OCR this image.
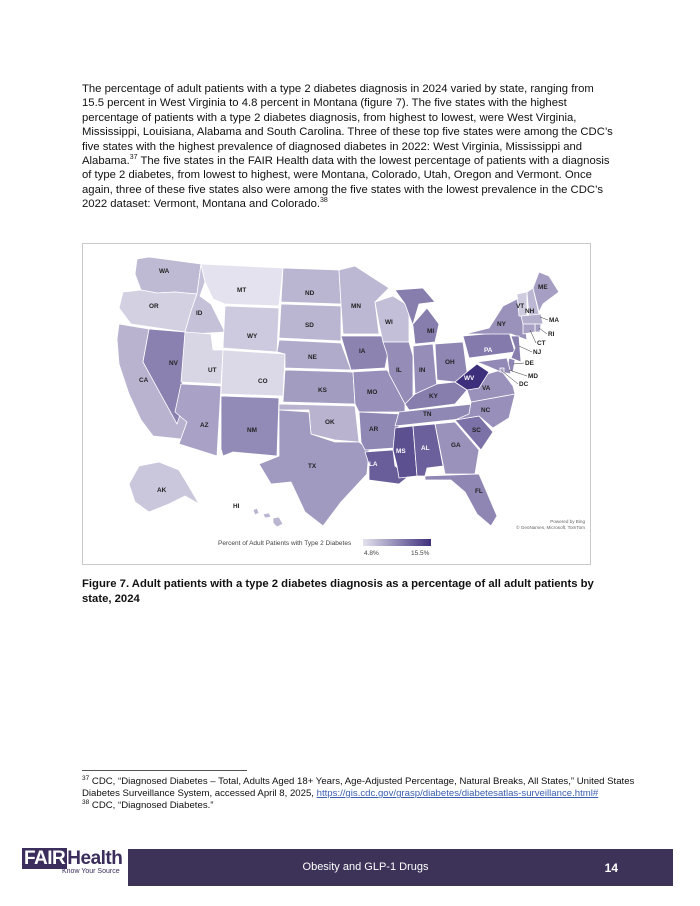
The percentage of adult patients with a type 2 diabetes diagnosis in 2024 varied by state, ranging from 15.5 percent in West Virginia to 4.8 percent in Montana (figure 7). The five states with the highest percentage of patients with a type 2 diabetes diagnosis, from highest to lowest, were West Virginia, Mississippi, Louisiana, Alabama and South Carolina. Three of these top five states were among the CDC’s five states with the highest prevalence of diagnosed diabetes in 2022: West Virginia, Mississippi and Alabama.$^{37}$ The five states in the FAIR Health data with the lowest percentage of patients with a diagnosis of type 2 diabetes, from lowest to highest, were Montana, Colorado, Utah, Oregon and Vermont. Once again, three of these five states also were among the five states with the lowest prevalence in the CDC’s 2022 dataset: Vermont, Montana and Colorado.$^{38}$
WA
OR
CA
NV
ID
MT
WY
UT
AZ
CO
NM
ND
SD
NE
KS
OK
TX
MN
IA
MO
AR
LA
WI
IL
MI
IN
OH
KY
TN
MS AL	GA
FL
SC
NC
VA
WV
PA
NY
VT
NH
ME
MA
RI
CT
NJ
DE
MD
DC
AK
HI
Percent of Adult Patients with Type 2 Diabetes
4.8%	15.5%
Powered by Bing
© GeoNames, Microsoft, TomTom
Figure 7. Adult patients with a type 2 diabetes diagnosis as a percentage of all adult patients by state, 2024
$^{37}$ CDC, “Diagnosed Diabetes – Total, Adults Aged 18+ Years, Age-Adjusted Percentage, Natural Breaks, All States,” United States Diabetes Surveillance System, accessed April 8, 2025, https://gis.cdc.gov/grasp/diabetes/diabetesatlas-surveillance.html#
$^{38}$ CDC, “Diagnosed Diabetes.”
FAIR Health
Know Your Source	Obesity and GLP-1 Drugs	14
